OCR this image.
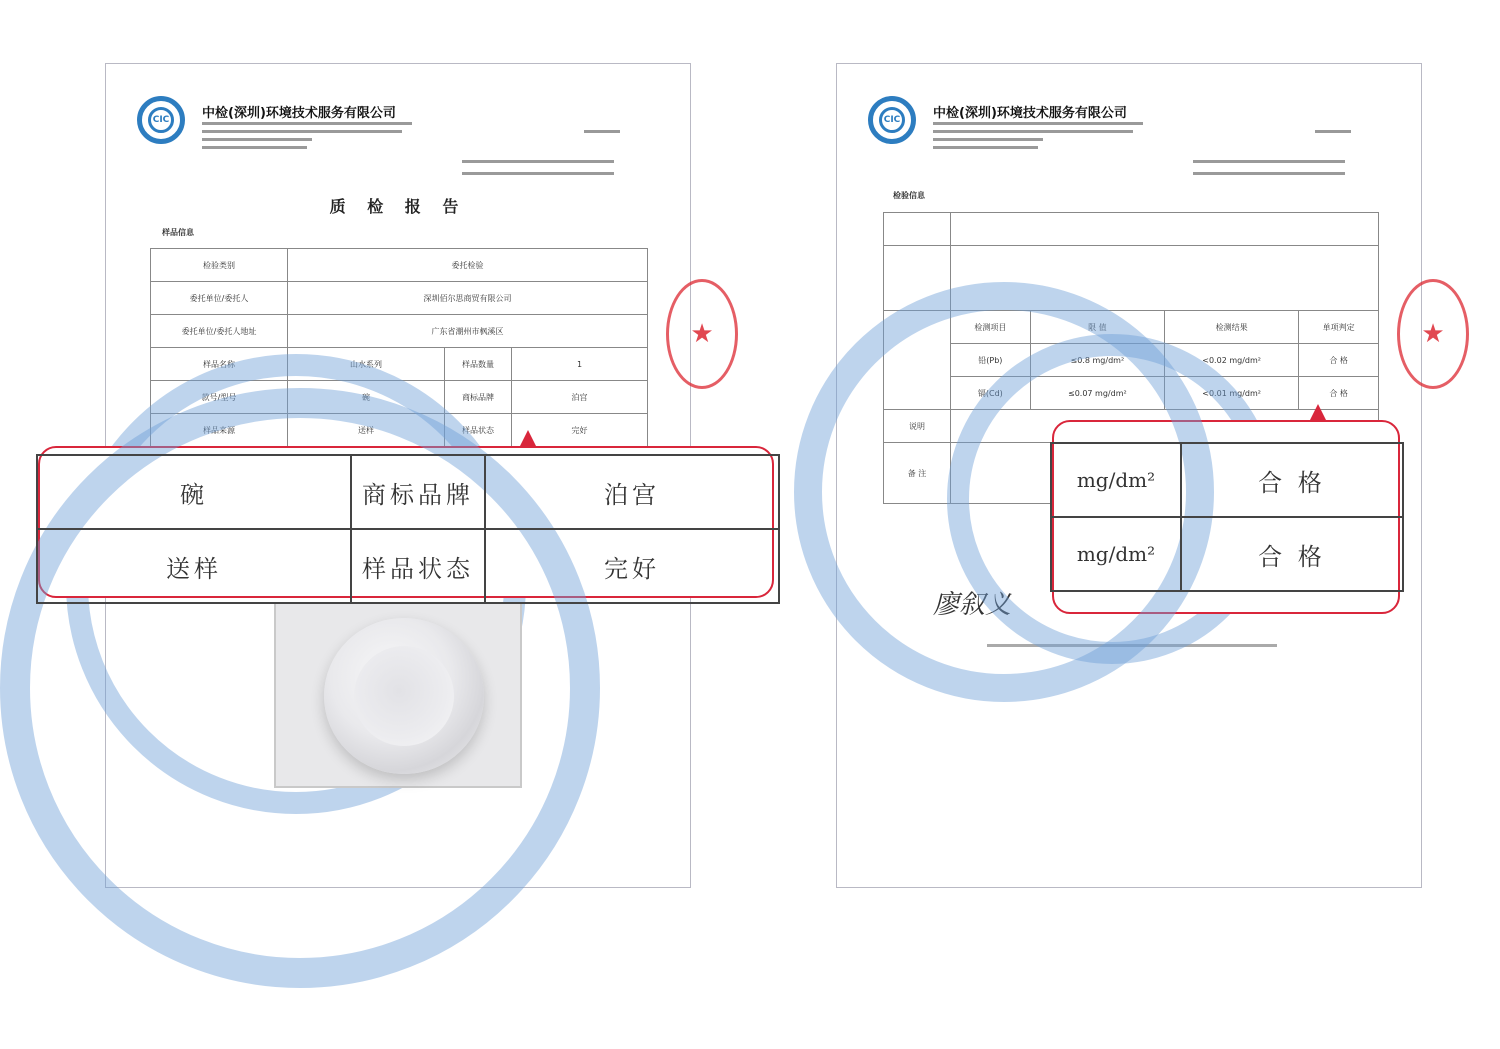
CIC	中检(深圳)环境技术服务有限公司
质 检 报 告
样品信息
检验类别	委托检验		
委托单位/委托人	深圳佰尔思商贸有限公司		
委托单位/委托人地址	广东省潮州市枫溪区		
样品名称	山水系列	样品数量	1
款号/型号	碗	商标品牌	泊宫
样品来源	送样	样品状态	完好
★
碗	商标品牌	泊宫
送样	样品状态	完好
CIC	中检(深圳)环境技术服务有限公司
检验信息

	检测项目	限 值	检测结果	单项判定
	铅(Pb)	≤0.8 mg/dm²	<0.02 mg/dm²	合 格
	镉(Cd)	≤0.07 mg/dm²	<0.01 mg/dm²	合 格
说明				
备 注				
廖叙义
★
mg/dm²	合 格
mg/dm²	合 格
